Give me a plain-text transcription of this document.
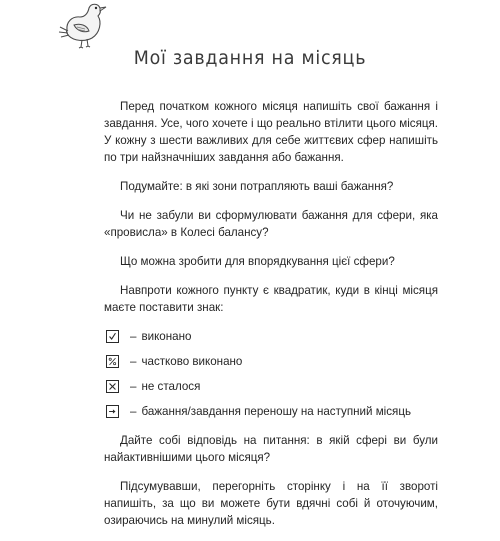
Мої завдання на місяць

Перед початком кожного місяця напишіть свої бажання і завдання. Усе, чого хочете і що реально втілити цього місяця. У кожну з шести важливих для себе життєвих сфер напишіть по три найзначніших завдання або бажання.

Подумайте: в які зони потрапляють ваші бажання?

Чи не забули ви сформулювати бажання для сфери, яка «провисла» в Колесі балансу?

Що можна зробити для впорядкування цієї сфери?

Навпроти кожного пункту є квадратик, куди в кінці місяця маєте поставити знак:

– виконано
– частково виконано
– не сталося
– бажання/завдання переношу на наступний місяць

Дайте собі відповідь на питання: в якій сфері ви були найактивнішими цього місяця?

Підсумувавши, перегорніть сторінку і на її звороті напишіть, за що ви можете бути вдячні собі й оточуючим, озираючись на минулий місяць.
